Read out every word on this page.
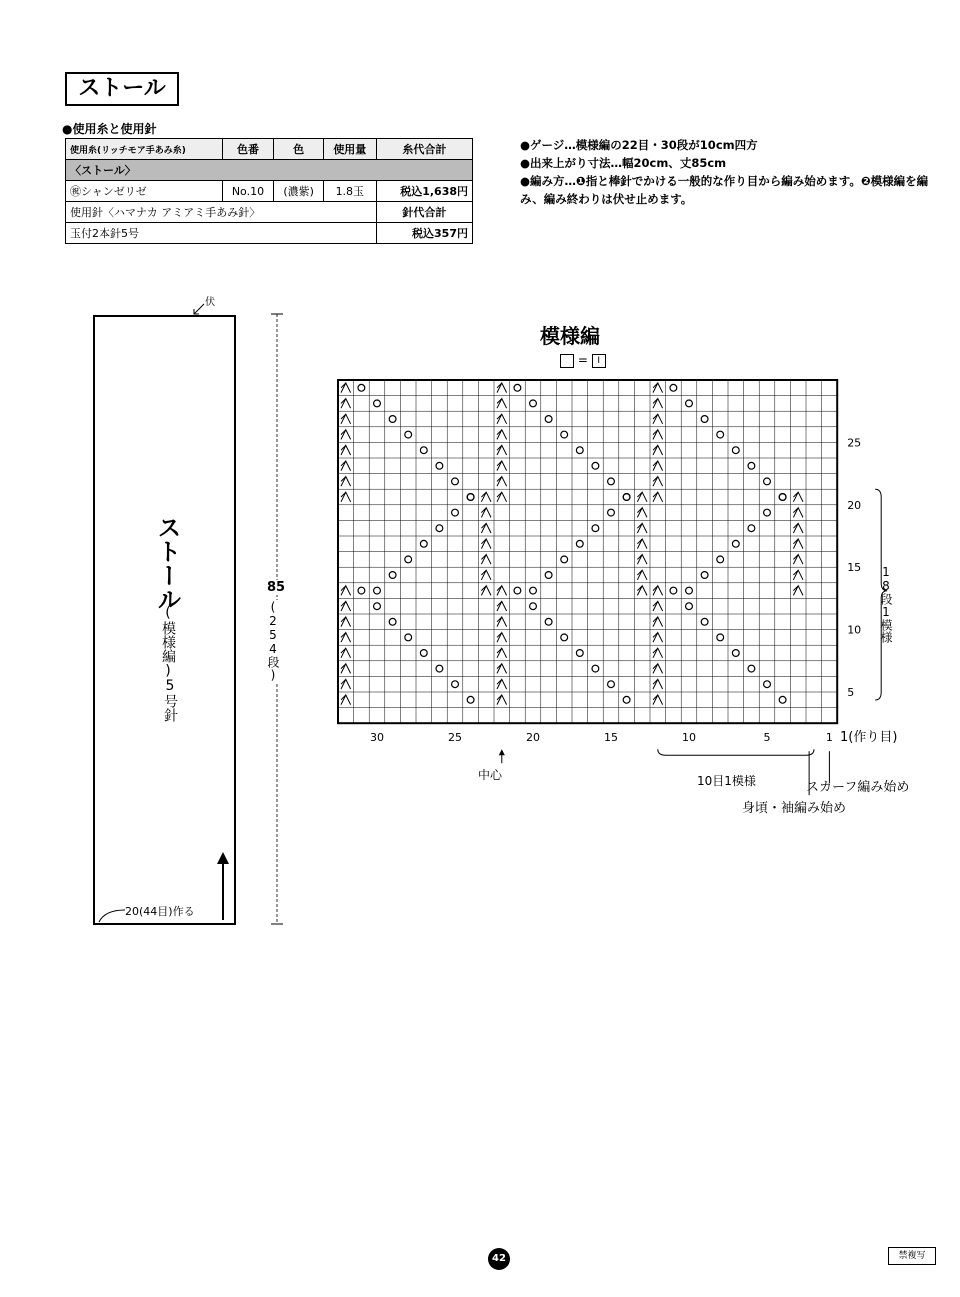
ストール
●使用糸と使用針
使用糸(リッチモア手あみ糸)	色番	色	使用量	糸代合計
〈ストール〉				
㊗シャンゼリゼ	No.10	(濃紫)	1.8玉	税込1,638円
使用針〈ハマナカ アミアミ手あみ針〉				針代合計
玉付2本針5号				税込357円
●ゲージ…模様編の22目・30段が10cm四方
●出来上がり寸法…幅20cm、丈85cm
●編み方…❶指と棒針でかける一般的な作り目から編み始めます。❷模様編を編み、編み終わりは伏せ止めます。
伏
ストール
(模様編)
5号針
85
(254段)
20(44目)作る
模様編
= I
25
20
15
10
5
30	25	20	15	10	5	1
18段1模様
1(作り目)
中心	10目1模様	スカーフ編み始め
身頃・袖編み始め
42	禁複写
